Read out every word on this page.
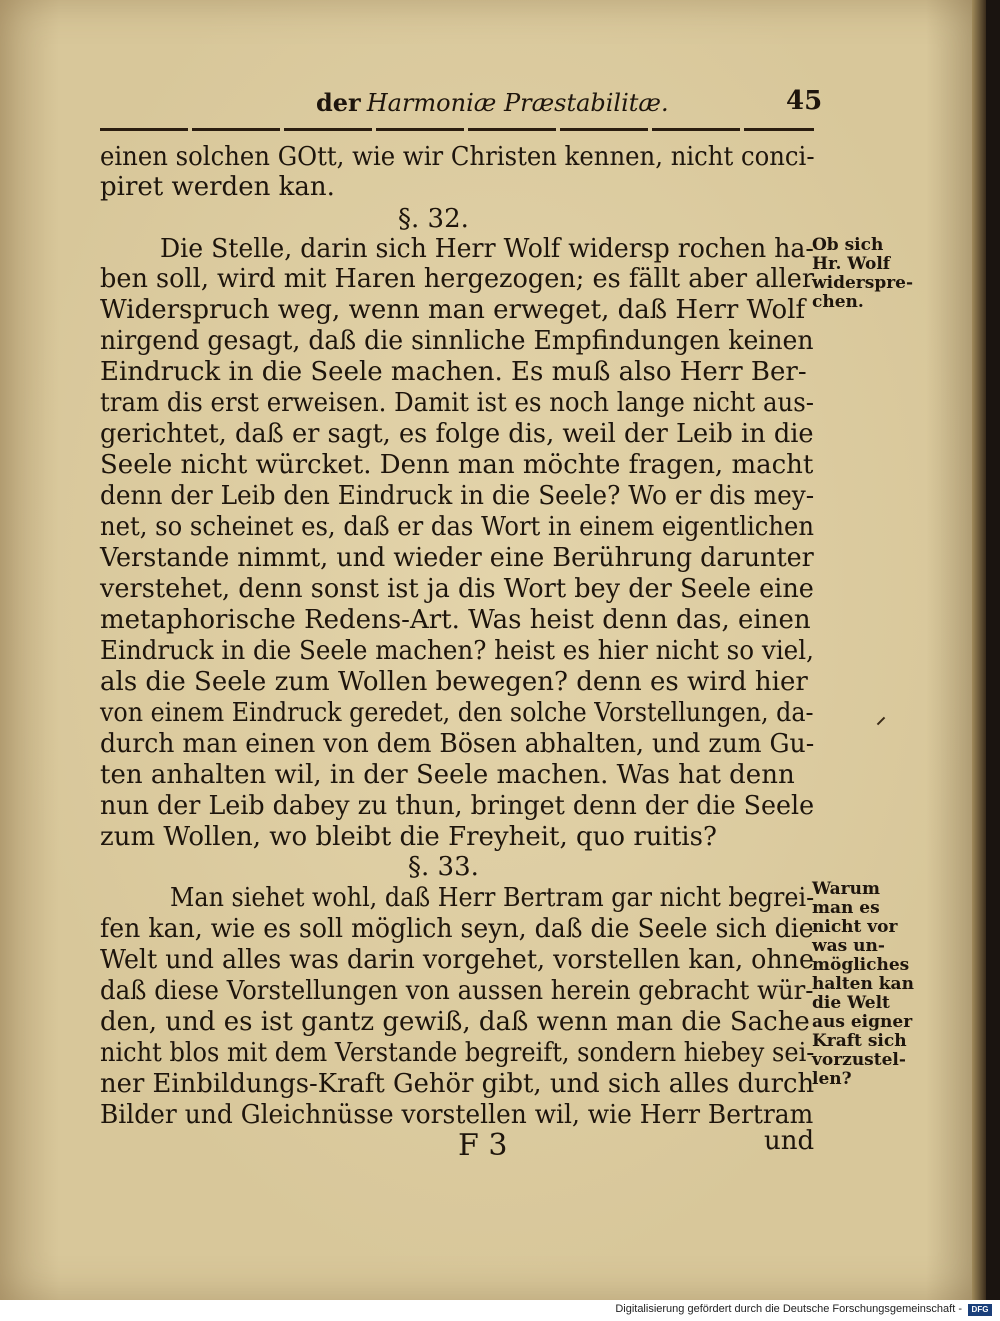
der Harmoniæ Præstabilitæ.	45
einen solchen GOtt, wie wir Christen kennen, nicht conci-
piret werden kan.
§. 32.
Die Stelle, darin sich Herr Wolf widersp rochen ha-
ben soll, wird mit Haren hergezogen; es fällt aber aller
Widerspruch weg, wenn man erweget, daß Herr Wolf
nirgend gesagt, daß die sinnliche Empfindungen keinen
Eindruck in die Seele machen. Es muß also Herr Ber-
tram dis erst erweisen. Damit ist es noch lange nicht aus-
gerichtet, daß er sagt, es folge dis, weil der Leib in die
Seele nicht würcket. Denn man möchte fragen, macht
denn der Leib den Eindruck in die Seele? Wo er dis mey-
net, so scheinet es, daß er das Wort in einem eigentlichen
Verstande nimmt, und wieder eine Berührung darunter
verstehet, denn sonst ist ja dis Wort bey der Seele eine
metaphorische Redens-Art. Was heist denn das, einen
Eindruck in die Seele machen? heist es hier nicht so viel,
als die Seele zum Wollen bewegen? denn es wird hier
von einem Eindruck geredet, den solche Vorstellungen, da-
durch man einen von dem Bösen abhalten, und zum Gu-
ten anhalten wil, in der Seele machen. Was hat denn
nun der Leib dabey zu thun, bringet denn der die Seele
zum Wollen, wo bleibt die Freyheit, quo ruitis?
§. 33.
Man siehet wohl, daß Herr Bertram gar nicht begrei-
fen kan, wie es soll möglich seyn, daß die Seele sich die
Welt und alles was darin vorgehet, vorstellen kan, ohne
daß diese Vorstellungen von aussen herein gebracht wür-
den, und es ist gantz gewiß, daß wenn man die Sache
nicht blos mit dem Verstande begreift, sondern hiebey sei-
ner Einbildungs-Kraft Gehör gibt, und sich alles durch
Bilder und Gleichnüsse vorstellen wil, wie Herr Bertram
Ob sich
Hr. Wolf
widerspre-
chen.
Warum
man es
nicht vor
was un-
mögliches
halten kan
die Welt
aus eigner
Kraft sich
vorzustel-
len?
F 3	und
Digitalisierung gefördert durch die Deutsche Forschungsgemeinschaft -	DFG
